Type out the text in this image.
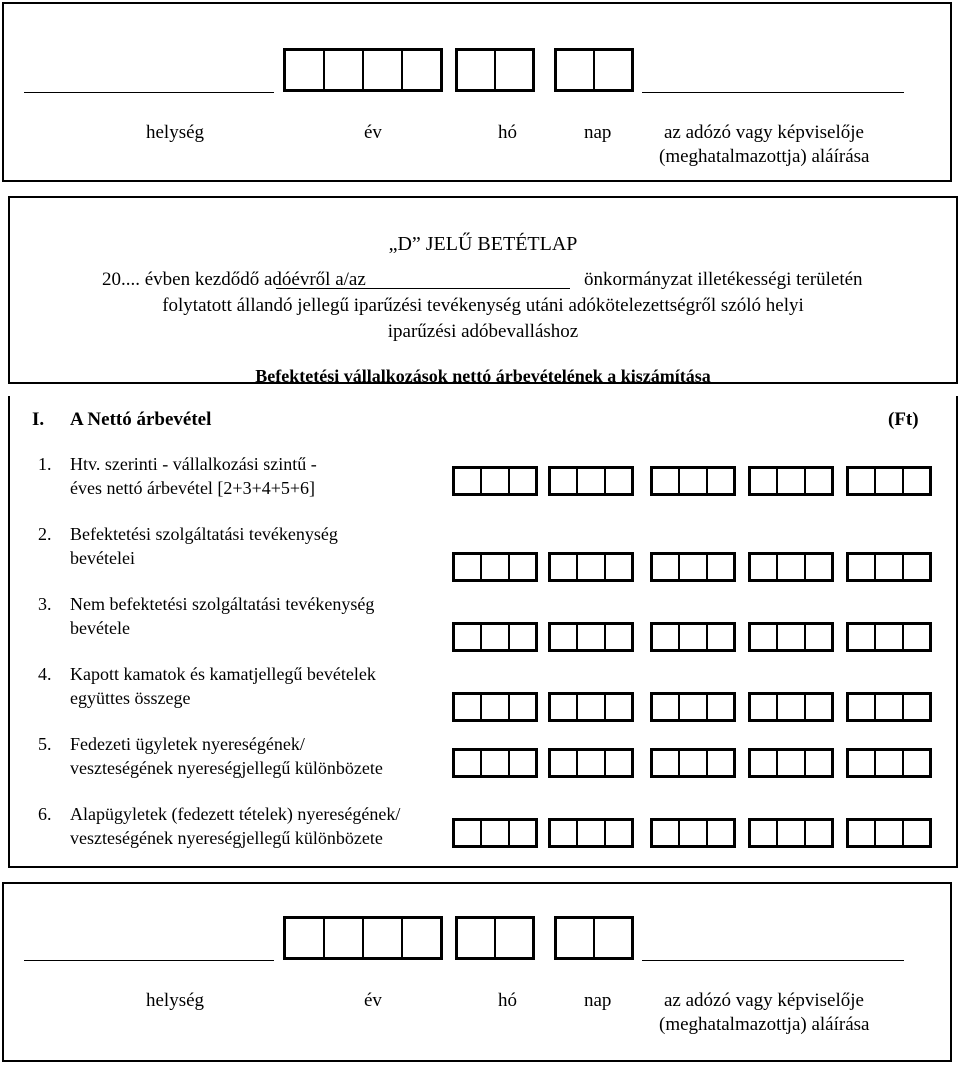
helység	év	hó	nap	az adózó vagy képviselője
(meghatalmazottja) aláírása
„D” JELŰ BETÉTLAP
20.... évben kezdődő adóévről a/az	önkormányzat illetékességi területén
folytatott állandó jellegű iparűzési tevékenység utáni adókötelezettségről szóló helyi
iparűzési adóbevalláshoz
Befektetési vállalkozások nettó árbevételének a kiszámítása
I. A Nettó árbevétel	(Ft)
1. Htv. szerinti - vállalkozási szintű -
éves nettó árbevétel [2+3+4+5+6]
2. Befektetési szolgáltatási tevékenység
bevételei
3. Nem befektetési szolgáltatási tevékenység
bevétele
4. Kapott kamatok és kamatjellegű bevételek
együttes összege
5. Fedezeti ügyletek nyereségének/
veszteségének nyereségjellegű különbözete
6. Alapügyletek (fedezett tételek) nyereségének/
veszteségének nyereségjellegű különbözete
helység	év	hó	nap	az adózó vagy képviselője
(meghatalmazottja) aláírása
